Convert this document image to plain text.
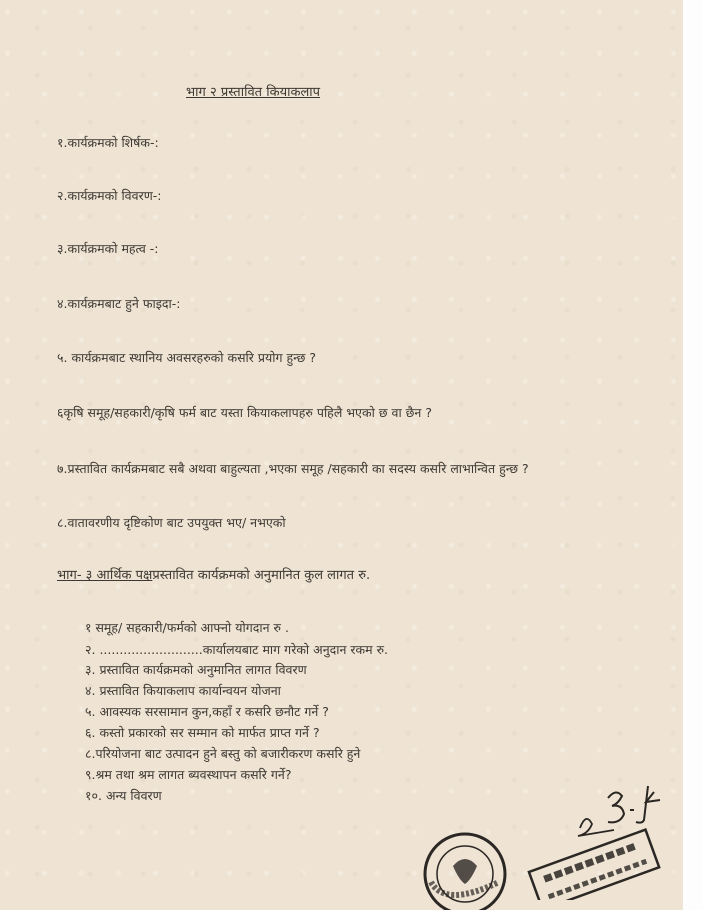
भाग २ प्रस्तावित कियाकलाप
१.कार्यक्रमको शिर्षक-:
२.कार्यक्रमको विवरण-:
३.कार्यक्रमको महत्व -:
४.कार्यक्रमबाट हुने फाइदा-:
५. कार्यक्रमबाट स्थानिय अवसरहरुको कसरि प्रयोग हुन्छ ?
६कृषि समूह/सहकारी/कृषि फर्म बाट यस्ता कियाकलापहरु पहिलै भएको छ वा छैन ?
७.प्रस्तावित कार्यक्रमबाट सबै अथवा बाहुल्यता ,भएका समूह /सहकारी का सदस्य कसरि लाभान्वित हुन्छ ?
८.वातावरणीय दृष्टिकोण बाट उपयुक्त भए/ नभएको
भाग- ३ आर्थिक पक्षप्रस्तावित कार्यक्रमको अनुमानित कुल लागत रु.
१ समूह/ सहकारी/फर्मको आफ्नो योगदान रु .
२. ..........................कार्यालयबाट माग गरेको अनुदान रकम रु.
३. प्रस्तावित कार्यक्रमको अनुमानित लागत विवरण
४. प्रस्तावित कियाकलाप कार्यान्वयन योजना
५. आवस्यक सरसामान कुन,कहाँ र कसरि छनौट गर्ने ?
६. कस्तो प्रकारको सर सम्मान को मार्फत प्राप्त गर्ने ?
८.परियोजना बाट उत्पादन हुने बस्तु को बजारीकरण कसरि हुने
९.श्रम तथा श्रम लागत ब्यवस्थापन कसरि गर्ने?
१०. अन्य विवरण
